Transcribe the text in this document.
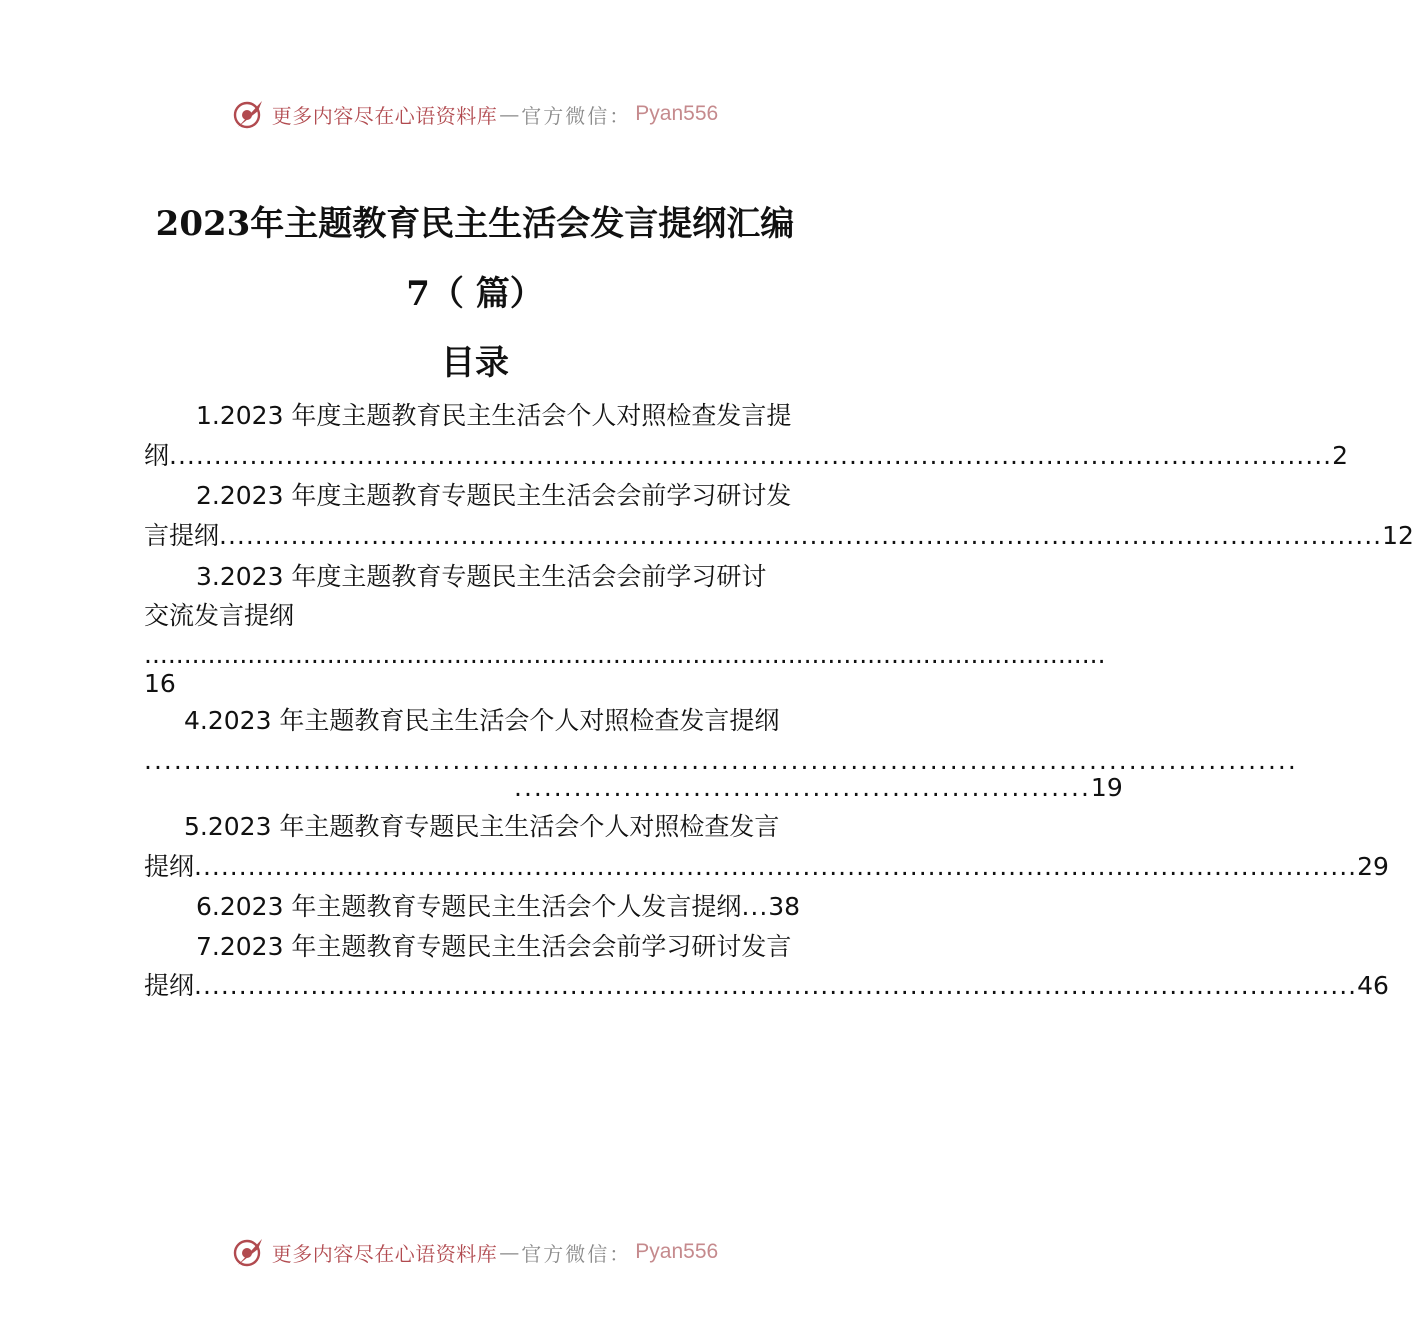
更多内容尽在心语资料库 — 官方微信： Pyan556
2023年主题教育民主生活会发言提纲汇编
7（ 篇）
目录
1.2023 年度主题教育民主生活会个人对照检查发言提
纲 .................................................................................................................................. 2
2.2023 年度主题教育专题民主生活会会前学习研讨发
言提纲 .................................................................................................................................. 12
3.2023 年度主题教育专题民主生活会会前学习研讨
交流发言提纲
.........................................................................................................................
16
4.2023 年主题教育民主生活会个人对照检查发言提纲
....................................................................................................................
.......................................................... 19
5.2023 年主题教育专题民主生活会个人对照检查发言
提纲 .................................................................................................................................. 29
6.2023 年主题教育专题民主生活会个人发言提纲 ... 38
7.2023 年主题教育专题民主生活会会前学习研讨发言
提纲 .................................................................................................................................. 46
更多内容尽在心语资料库 — 官方微信： Pyan556
